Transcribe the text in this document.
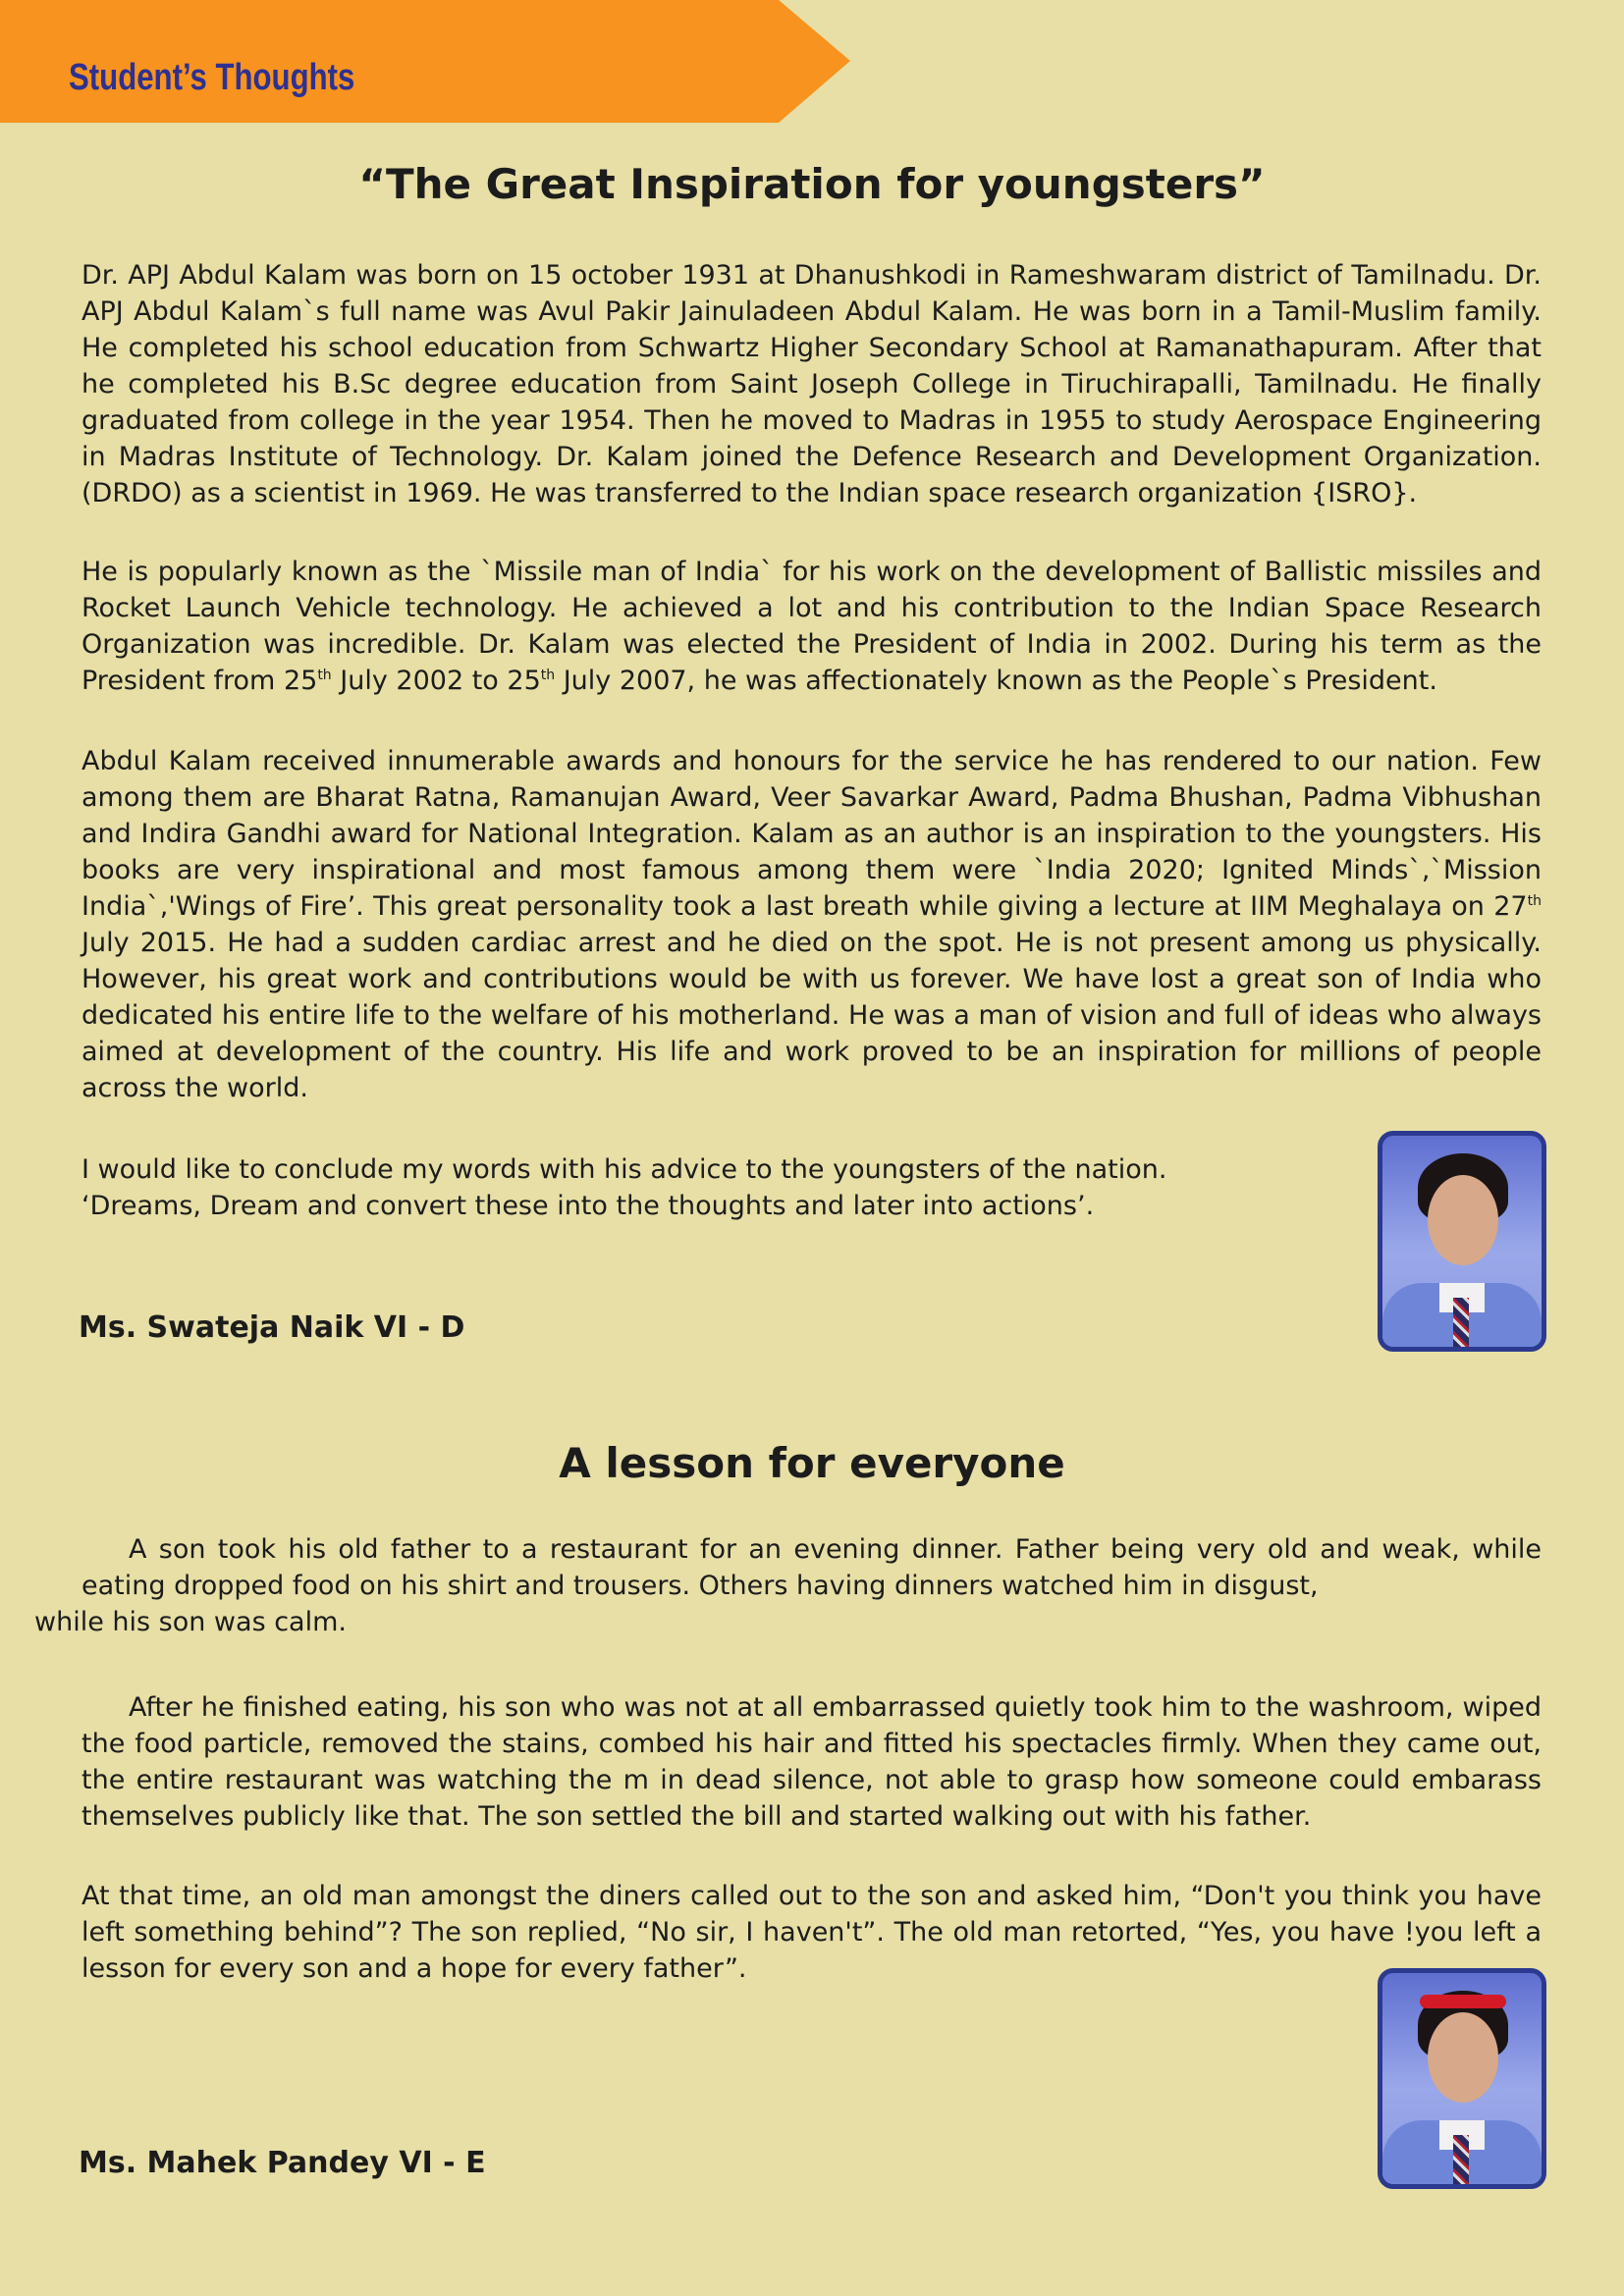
Student’s Thoughts
“The Great Inspiration for youngsters”
Dr. APJ Abdul Kalam was born on 15 october 1931 at Dhanushkodi in Rameshwaram district of Tamilnadu. Dr. APJ Abdul Kalam`s full name was Avul Pakir Jainuladeen Abdul Kalam. He was born in a Tamil-Muslim family. He completed his school education from Schwartz Higher Secondary School at Ramanathapuram. After that he completed his B.Sc degree education from Saint Joseph College in Tiruchirapalli, Tamilnadu. He finally graduated from college in the year 1954. Then he moved to Madras in 1955 to study Aerospace Engineering in Madras Institute of Technology. Dr. Kalam joined the Defence Research and Development Organization. (DRDO) as a scientist in 1969. He was transferred to the Indian space research organization {ISRO}.
He is popularly known as the `Missile man of India` for his work on the development of Ballistic missiles and Rocket Launch Vehicle technology. He achieved a lot and his contribution to the Indian Space Research Organization was incredible. Dr. Kalam was elected the President of India in 2002. During his term as the President from 25th July 2002 to 25th July 2007, he was affectionately known as the People`s President.
Abdul Kalam received innumerable awards and honours for the service he has rendered to our nation. Few among them are Bharat Ratna, Ramanujan Award, Veer Savarkar Award, Padma Bhushan, Padma Vibhushan and Indira Gandhi award for National Integration. Kalam as an author is an inspiration to the youngsters. His books are very inspirational and most famous among them were `India 2020; Ignited Minds`,`Mission India`,'Wings of Fire’. This great personality took a last breath while giving a lecture at IIM Meghalaya on 27th July 2015. He had a sudden cardiac arrest and he died on the spot. He is not present among us physically. However, his great work and contributions would be with us forever. We have lost a great son of India who dedicated his entire life to the welfare of his motherland. He was a man of vision and full of ideas who always aimed at development of the country. His life and work proved to be an inspiration for millions of people across the world.
I would like to conclude my words with his advice to the youngsters of the nation.
‘Dreams, Dream and convert these into the thoughts and later into actions’.
Ms. Swateja Naik VI - D
A lesson for everyone
A son took his old father to a restaurant for an evening dinner. Father being very old and weak, while eating dropped food on his shirt and trousers. Others having dinners watched him in disgust,
while his son was calm.
After he finished eating, his son who was not at all embarrassed quietly took him to the washroom, wiped the food particle, removed the stains, combed his hair and fitted his spectacles firmly. When they came out, the entire restaurant was watching the m in dead silence, not able to grasp how someone could embarass themselves publicly like that. The son settled the bill and started walking out with his father.
At that time, an old man amongst the diners called out to the son and asked him, “Don't you think you have left something behind”? The son replied, “No sir, I haven't”. The old man retorted, “Yes, you have !you left a lesson for every son and a hope for every father”.
Ms. Mahek Pandey VI - E
